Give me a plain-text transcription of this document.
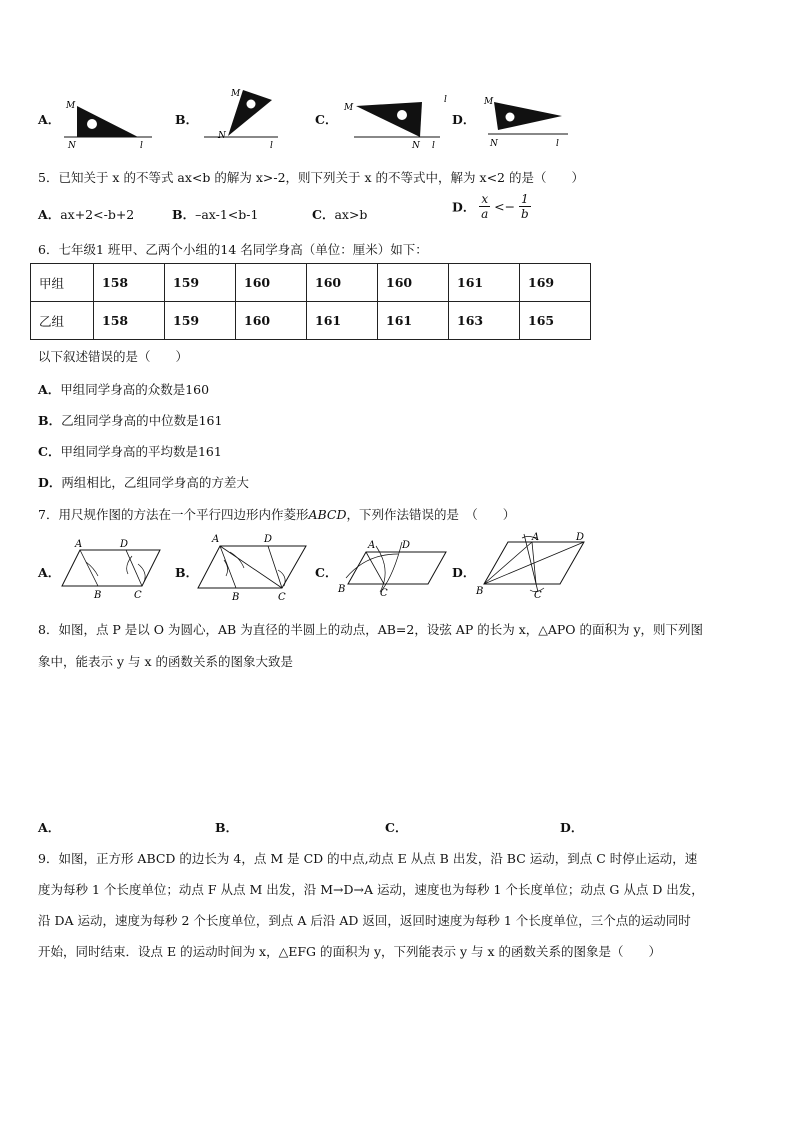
A．
M
N	l
B．
M
N
l
C．
M
N l
l
D．
M
N	l
5．已知关于 x 的不等式 ax<b 的解为 x>-2，则下列关于 x 的不等式中，解为 x<2 的是（　　）
A．ax+2<-b+2	B．–ax-1<b-1	C．ax>b	D． $\frac{x}{a} <- \frac{1}{b}$
6．七年级1 班甲、乙两个小组的14 名同学身高（单位：厘米）如下：
甲组	158	159	160	160	160	161	169
乙组	158	159	160	161	161	163	165
以下叙述错误的是（　　）
A．甲组同学身高的众数是160
B．乙组同学身高的中位数是161
C．甲组同学身高的平均数是161
D．两组相比，乙组同学身高的方差大
7．用尺规作图的方法在一个平行四边形内作菱形ABCD，下列作法错误的是　（　　）
A．
A	D
B	C
B．
A	D
B	C
C．
A	D
B	C
D．
A	D
B	C
8．如图，点 P 是以 O 为圆心，AB 为直径的半圆上的动点，AB=2，设弦 AP 的长为 x，△APO 的面积为 y，则下列图
象中，能表示 y 与 x 的函数关系的图象大致是
A．	B．	C．	D．
9．如图，正方形 ABCD 的边长为 4，点 M 是 CD 的中点,动点 E 从点 B 出发，沿 BC 运动，到点 C 时停止运动，速
度为每秒 1 个长度单位；动点 F 从点 M 出发，沿 M→D→A 运动，速度也为每秒 1 个长度单位；动点 G 从点 D 出发，
沿 DA 运动，速度为每秒 2 个长度单位，到点 A 后沿 AD 返回，返回时速度为每秒 1 个长度单位，三个点的运动同时
开始，同时结束．设点 E 的运动时间为 x，△EFG 的面积为 y，下列能表示 y 与 x 的函数关系的图象是（　　）
